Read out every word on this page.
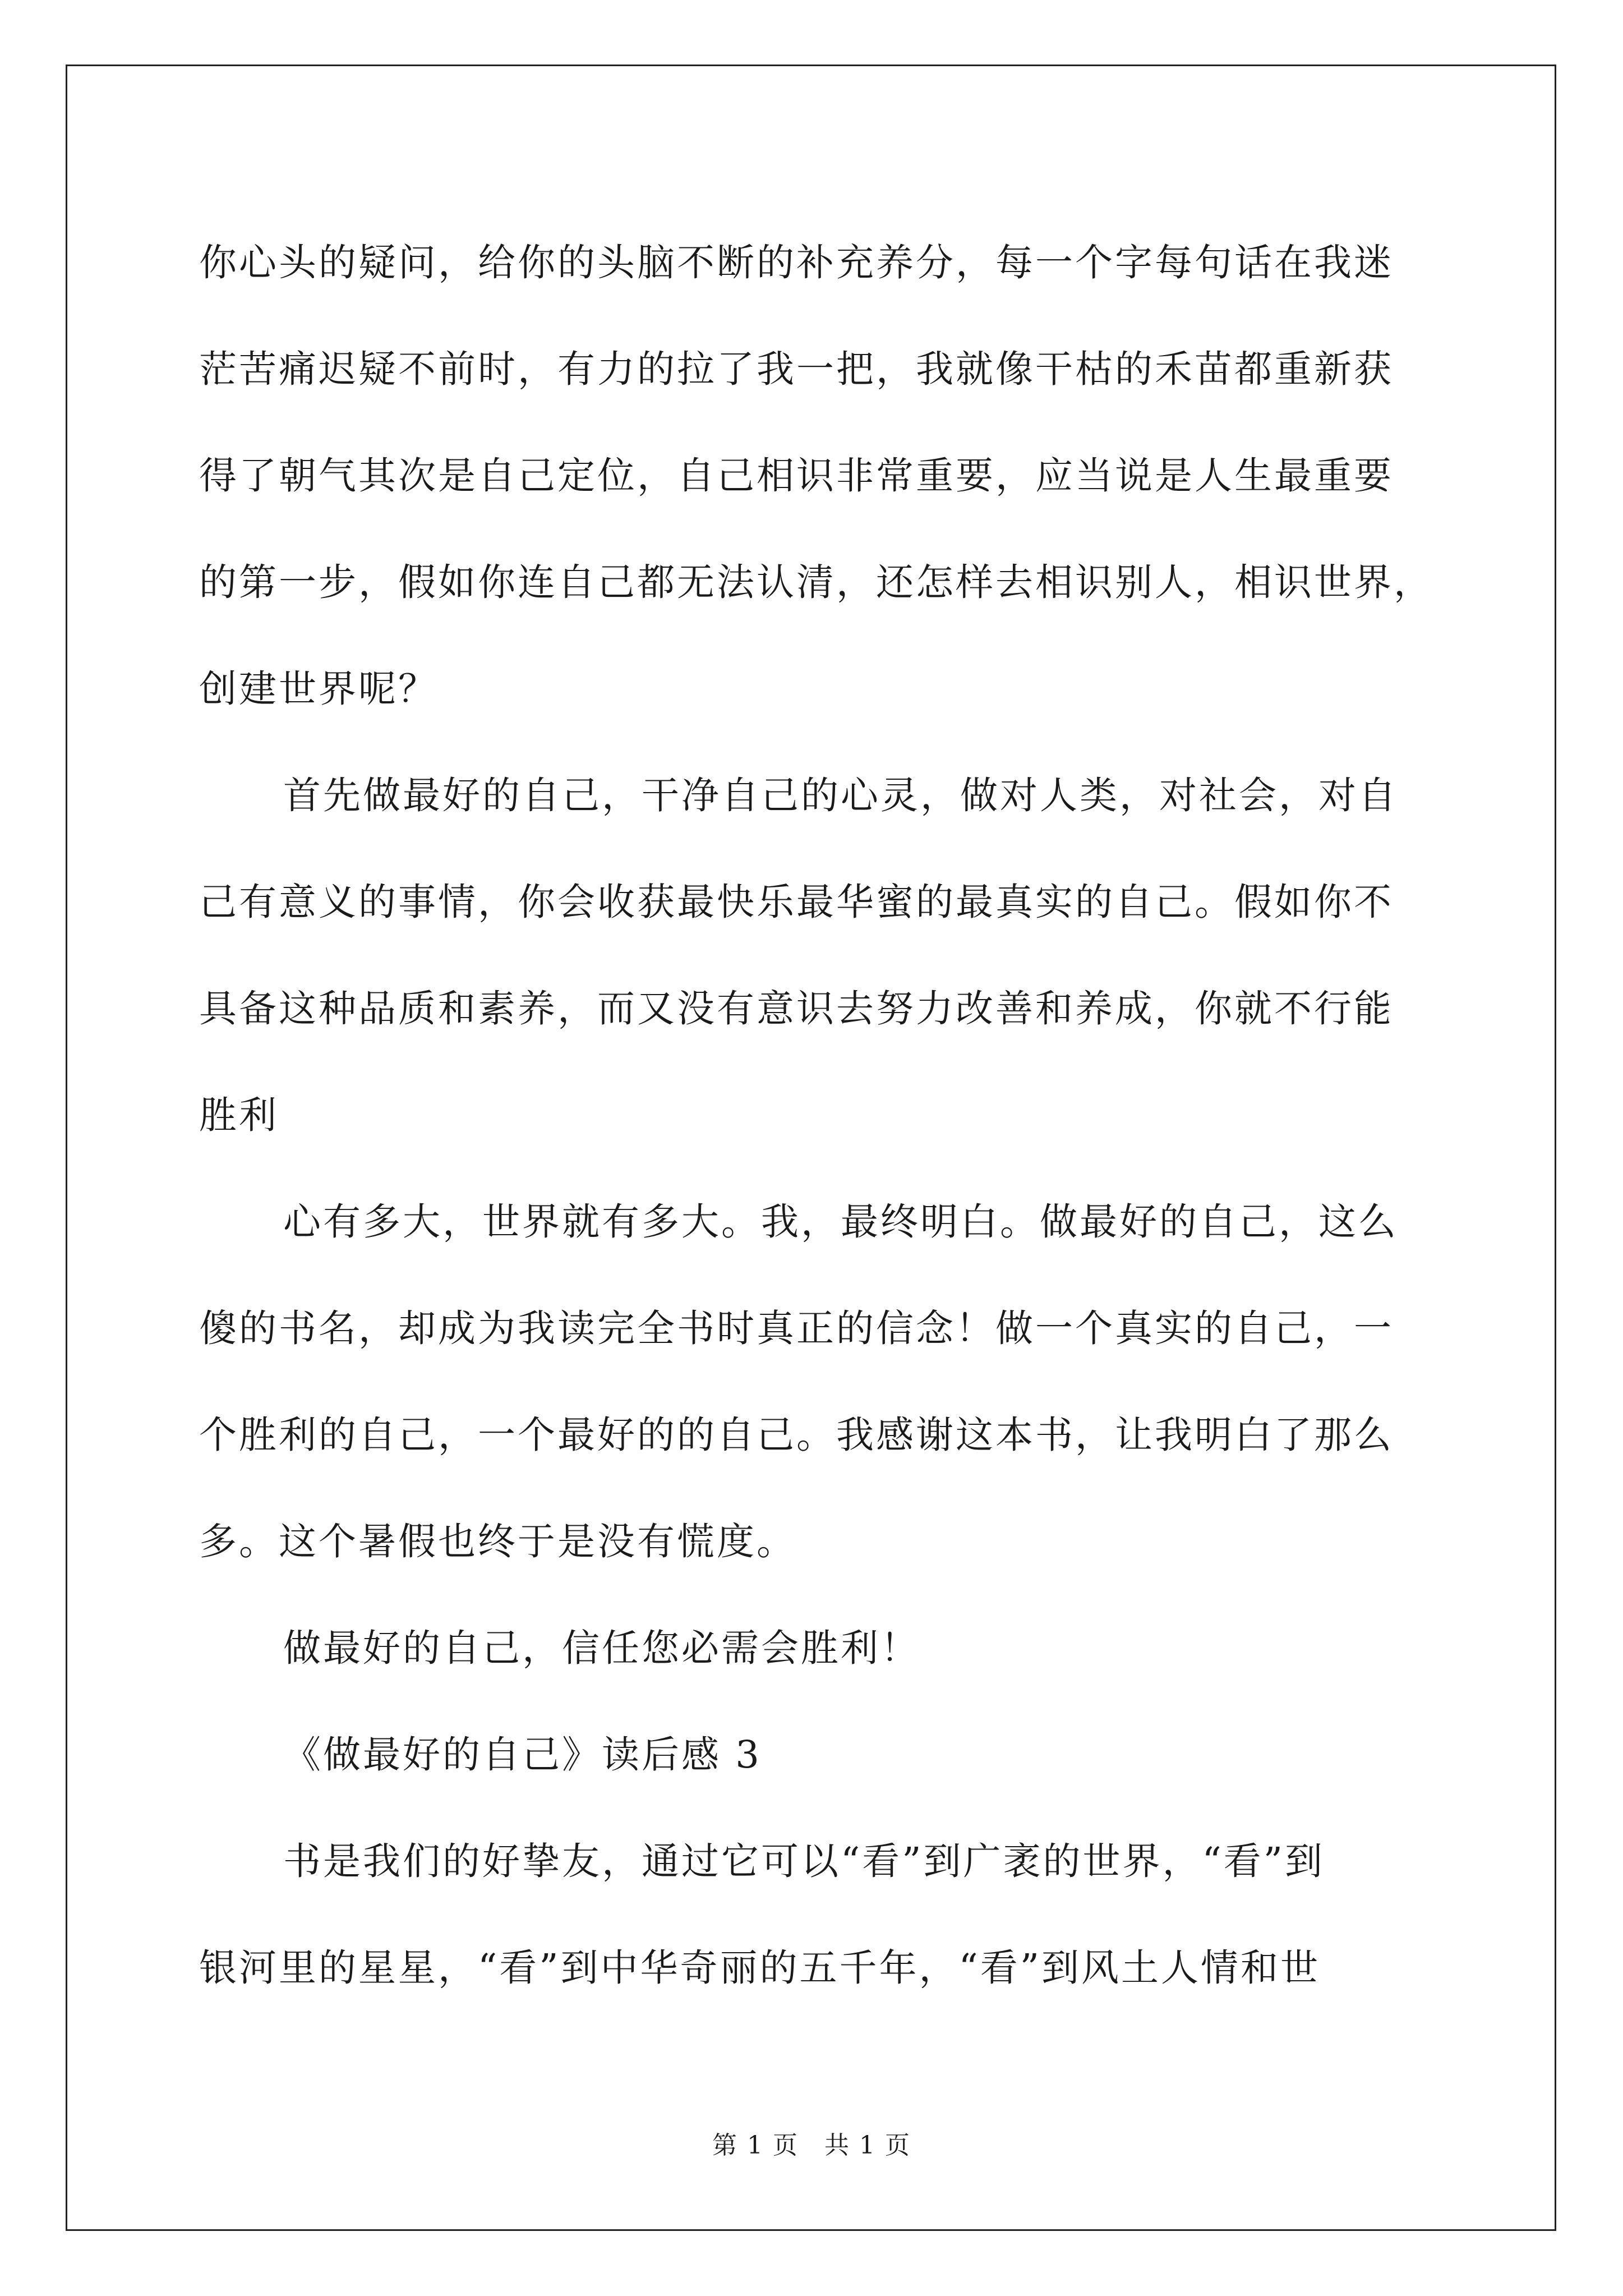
你心头的疑问，给你的头脑不断的补充养分，每一个字每句话在我迷
茫苦痛迟疑不前时，有力的拉了我一把，我就像干枯的禾苗都重新获
得了朝气其次是自己定位，自己相识非常重要，应当说是人生最重要
的第一步，假如你连自己都无法认清，还怎样去相识别人，相识世界，
创建世界呢？
首先做最好的自己，干净自己的心灵，做对人类，对社会，对自
己有意义的事情，你会收获最快乐最华蜜的最真实的自己。假如你不
具备这种品质和素养，而又没有意识去努力改善和养成，你就不行能
胜利
心有多大，世界就有多大。我，最终明白。做最好的自己，这么
傻的书名，却成为我读完全书时真正的信念！做一个真实的自己，一
个胜利的自己，一个最好的的自己。我感谢这本书，让我明白了那么
多。这个暑假也终于是没有慌度。
做最好的自己，信任您必需会胜利！
《做最好的自己》读后感 3
书是我们的好挚友，通过它可以“看”到广袤的世界，“看”到
银河里的星星，“看”到中华奇丽的五千年，“看”到风土人情和世
第 1 页　共 1 页
